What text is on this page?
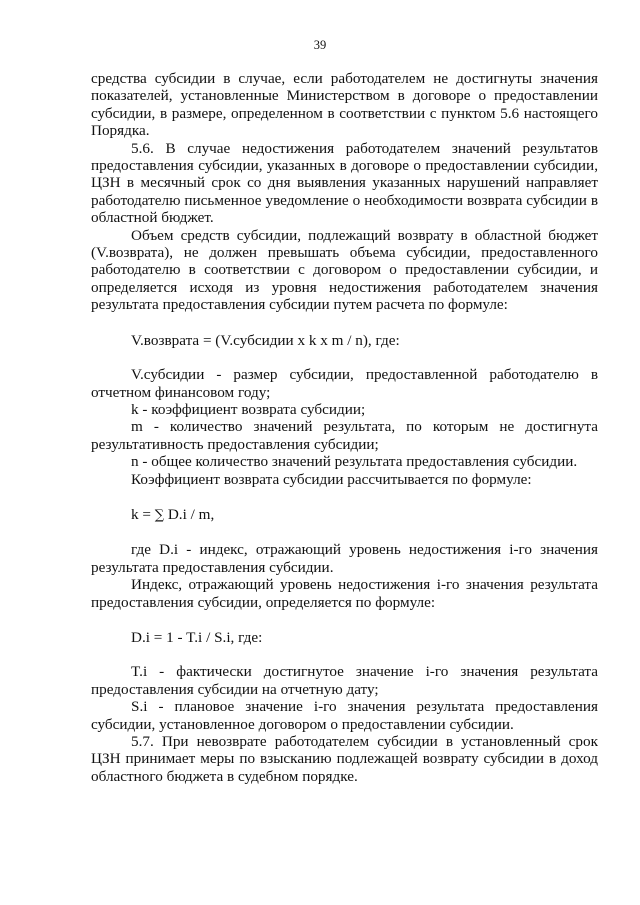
39

средства субсидии в случае, если работодателем не достигнуты значения показателей, установленные Министерством в договоре о предоставлении субсидии, в размере, определенном в соответствии с пунктом 5.6 настоящего Порядка.

5.6. В случае недостижения работодателем значений результатов предоставления субсидии, указанных в договоре о предоставлении субсидии, ЦЗН в месячный срок со дня выявления указанных нарушений направляет работодателю письменное уведомление о необходимости возврата субсидии в областной бюджет.

Объем средств субсидии, подлежащий возврату в областной бюджет (V.возврата), не должен превышать объема субсидии, предоставленного работодателю в соответствии с договором о предоставлении субсидии, и определяется исходя из уровня недостижения работодателем значения результата предоставления субсидии путем расчета по формуле:

V.возврата = (V.субсидии x k x m / n), где:

V.субсидии - размер субсидии, предоставленной работодателю в отчетном финансовом году;

k - коэффициент возврата субсидии;

m - количество значений результата, по которым не достигнута результативность предоставления субсидии;

n - общее количество значений результата предоставления субсидии.

Коэффициент возврата субсидии рассчитывается по формуле:

k = ∑ D.i / m,

где D.i - индекс, отражающий уровень недостижения i-го значения результата предоставления субсидии.

Индекс, отражающий уровень недостижения i-го значения результата предоставления субсидии, определяется по формуле:

D.i = 1 - T.i / S.i, где:

T.i - фактически достигнутое значение i-го значения результата предоставления субсидии на отчетную дату;

S.i - плановое значение i-го значения результата предоставления субсидии, установленное договором о предоставлении субсидии.

5.7. При невозврате работодателем субсидии в установленный срок ЦЗН принимает меры по взысканию подлежащей возврату субсидии в доход областного бюджета в судебном порядке.
